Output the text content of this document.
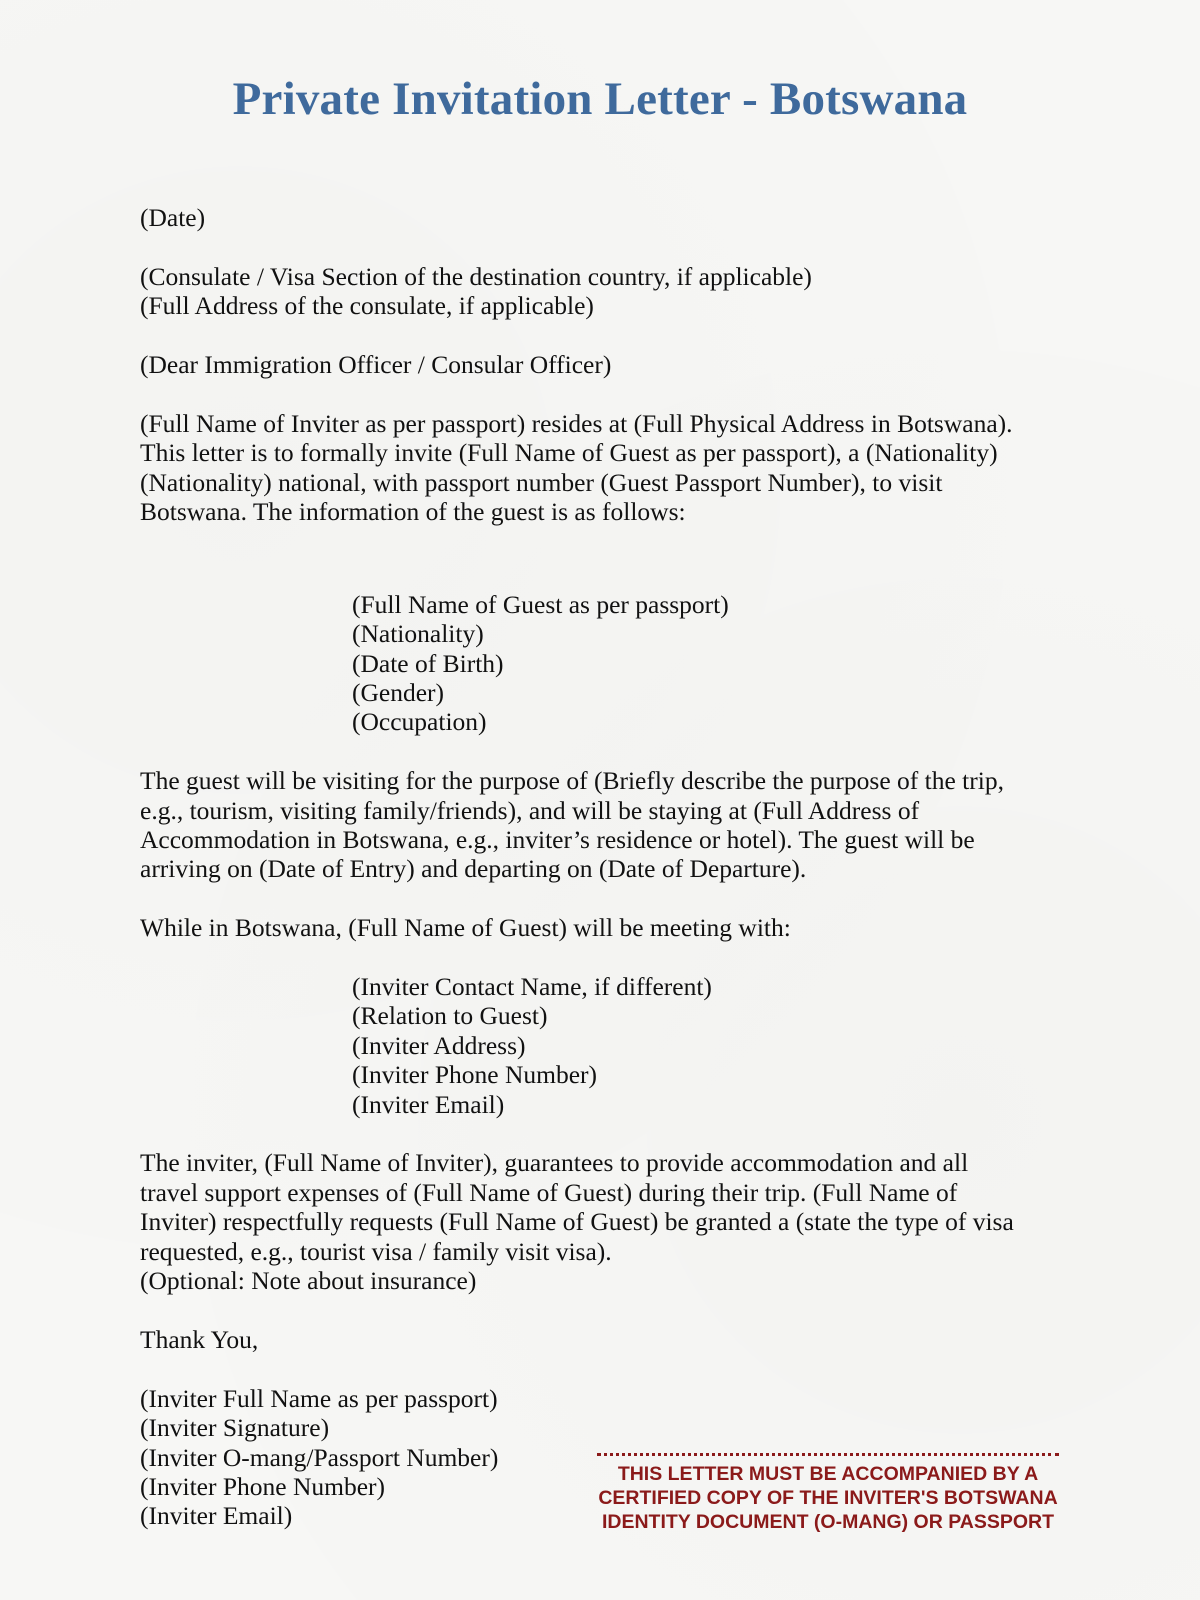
Private Invitation Letter - Botswana
(Date)
(Consulate / Visa Section of the destination country, if applicable)
(Full Address of the consulate, if applicable)
(Dear Immigration Officer / Consular Officer)
(Full Name of Inviter as per passport) resides at (Full Physical Address in Botswana).
This letter is to formally invite (Full Name of Guest as per passport), a (Nationality)
(Nationality) national, with passport number (Guest Passport Number), to visit
Botswana. The information of the guest is as follows:
(Full Name of Guest as per passport)
(Nationality)
(Date of Birth)
(Gender)
(Occupation)
The guest will be visiting for the purpose of (Briefly describe the purpose of the trip,
e.g., tourism, visiting family/friends), and will be staying at (Full Address of
Accommodation in Botswana, e.g., inviter’s residence or hotel). The guest will be
arriving on (Date of Entry) and departing on (Date of Departure).
While in Botswana, (Full Name of Guest) will be meeting with:
(Inviter Contact Name, if different)
(Relation to Guest)
(Inviter Address)
(Inviter Phone Number)
(Inviter Email)
The inviter, (Full Name of Inviter), guarantees to provide accommodation and all
travel support expenses of (Full Name of Guest) during their trip. (Full Name of
Inviter) respectfully requests (Full Name of Guest) be granted a (state the type of visa
requested, e.g., tourist visa / family visit visa).
(Optional: Note about insurance)
Thank You,
(Inviter Full Name as per passport)
(Inviter Signature)
(Inviter O-mang/Passport Number)
(Inviter Phone Number)
(Inviter Email)
THIS LETTER MUST BE ACCOMPANIED BY A
CERTIFIED COPY OF THE INVITER'S BOTSWANA
IDENTITY DOCUMENT (O-MANG) OR PASSPORT
